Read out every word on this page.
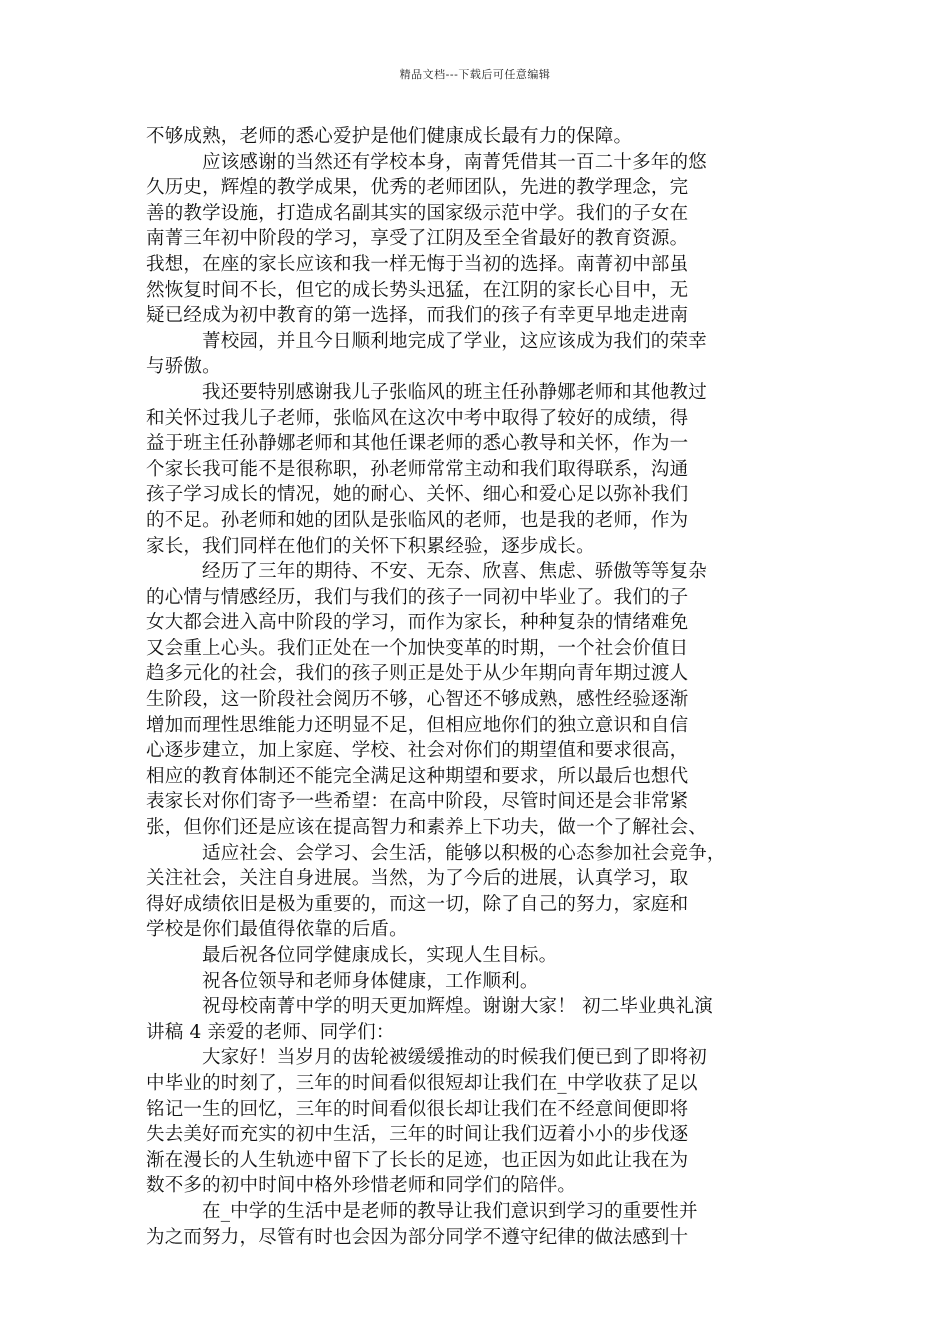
精品文档---下载后可任意编辑
不够成熟，老师的悉心爱护是他们健康成长最有力的保障。
应该感谢的当然还有学校本身，南菁凭借其一百二十多年的悠
久历史，辉煌的教学成果，优秀的老师团队，先进的教学理念，完
善的教学设施，打造成名副其实的国家级示范中学。我们的子女在
南菁三年初中阶段的学习，享受了江阴及至全省最好的教育资源。
我想，在座的家长应该和我一样无悔于当初的选择。南菁初中部虽
然恢复时间不长，但它的成长势头迅猛，在江阴的家长心目中，无
疑已经成为初中教育的第一选择，而我们的孩子有幸更早地走进南
菁校园，并且今日顺利地完成了学业，这应该成为我们的荣幸
与骄傲。
我还要特别感谢我儿子张临风的班主任孙静娜老师和其他教过
和关怀过我儿子老师，张临风在这次中考中取得了较好的成绩，得
益于班主任孙静娜老师和其他任课老师的悉心教导和关怀，作为一
个家长我可能不是很称职，孙老师常常主动和我们取得联系，沟通
孩子学习成长的情况，她的耐心、关怀、细心和爱心足以弥补我们
的不足。孙老师和她的团队是张临风的老师，也是我的老师，作为
家长，我们同样在他们的关怀下积累经验，逐步成长。
经历了三年的期待、不安、无奈、欣喜、焦虑、骄傲等等复杂
的心情与情感经历，我们与我们的孩子一同初中毕业了。我们的子
女大都会进入高中阶段的学习，而作为家长，种种复杂的情绪难免
又会重上心头。我们正处在一个加快变革的时期，一个社会价值日
趋多元化的社会，我们的孩子则正是处于从少年期向青年期过渡人
生阶段，这一阶段社会阅历不够，心智还不够成熟，感性经验逐渐
增加而理性思维能力还明显不足，但相应地你们的独立意识和自信
心逐步建立，加上家庭、学校、社会对你们的期望值和要求很高，
相应的教育体制还不能完全满足这种期望和要求，所以最后也想代
表家长对你们寄予一些希望：在高中阶段，尽管时间还是会非常紧
张，但你们还是应该在提高智力和素养上下功夫，做一个了解社会、
适应社会、会学习、会生活，能够以积极的心态参加社会竞争，
关注社会，关注自身进展。当然，为了今后的进展，认真学习，取
得好成绩依旧是极为重要的，而这一切，除了自己的努力，家庭和
学校是你们最值得依靠的后盾。
最后祝各位同学健康成长，实现人生目标。
祝各位领导和老师身体健康，工作顺利。
祝母校南菁中学的明天更加辉煌。谢谢大家！ 初二毕业典礼演
讲稿 4 亲爱的老师、同学们：
大家好！当岁月的齿轮被缓缓推动的时候我们便已到了即将初
中毕业的时刻了，三年的时间看似很短却让我们在_中学收获了足以
铭记一生的回忆，三年的时间看似很长却让我们在不经意间便即将
失去美好而充实的初中生活，三年的时间让我们迈着小小的步伐逐
渐在漫长的人生轨迹中留下了长长的足迹，也正因为如此让我在为
数不多的初中时间中格外珍惜老师和同学们的陪伴。
在_中学的生活中是老师的教导让我们意识到学习的重要性并
为之而努力，尽管有时也会因为部分同学不遵守纪律的做法感到十
